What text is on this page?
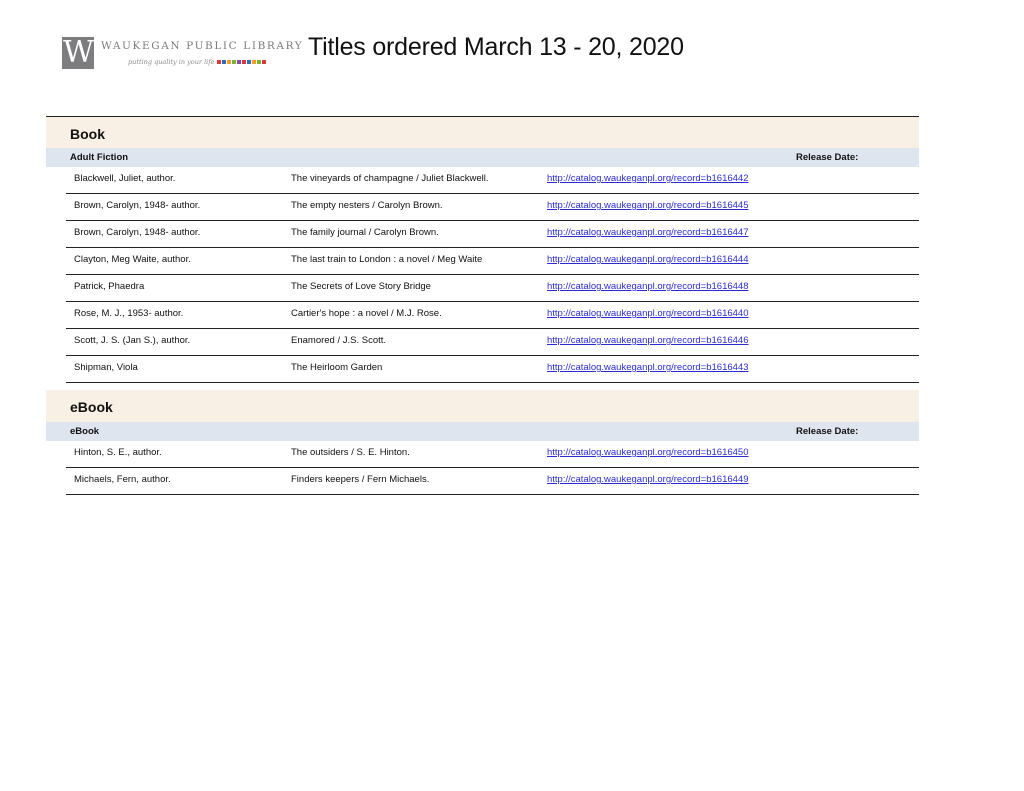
W WAUKEGAN PUBLIC LIBRARY
putting quality in your life
Titles ordered March 13 - 20, 2020
Book
Adult Fiction	Release Date:
Blackwell, Juliet, author.	The vineyards of champagne / Juliet Blackwell.	http://catalog.waukeganpl.org/record=b1616442
Brown, Carolyn, 1948- author.	The empty nesters / Carolyn Brown.	http://catalog.waukeganpl.org/record=b1616445
Brown, Carolyn, 1948- author.	The family journal / Carolyn Brown.	http://catalog.waukeganpl.org/record=b1616447
Clayton, Meg Waite, author.	The last train to London : a novel / Meg Waite	http://catalog.waukeganpl.org/record=b1616444
Patrick, Phaedra	The Secrets of Love Story Bridge	http://catalog.waukeganpl.org/record=b1616448
Rose, M. J., 1953- author.	Cartier's hope : a novel / M.J. Rose.	http://catalog.waukeganpl.org/record=b1616440
Scott, J. S. (Jan S.), author.	Enamored / J.S. Scott.	http://catalog.waukeganpl.org/record=b1616446
Shipman, Viola	The Heirloom Garden	http://catalog.waukeganpl.org/record=b1616443
eBook
eBook	Release Date:
Hinton, S. E., author.	The outsiders / S. E. Hinton.	http://catalog.waukeganpl.org/record=b1616450
Michaels, Fern, author.	Finders keepers / Fern Michaels.	http://catalog.waukeganpl.org/record=b1616449
